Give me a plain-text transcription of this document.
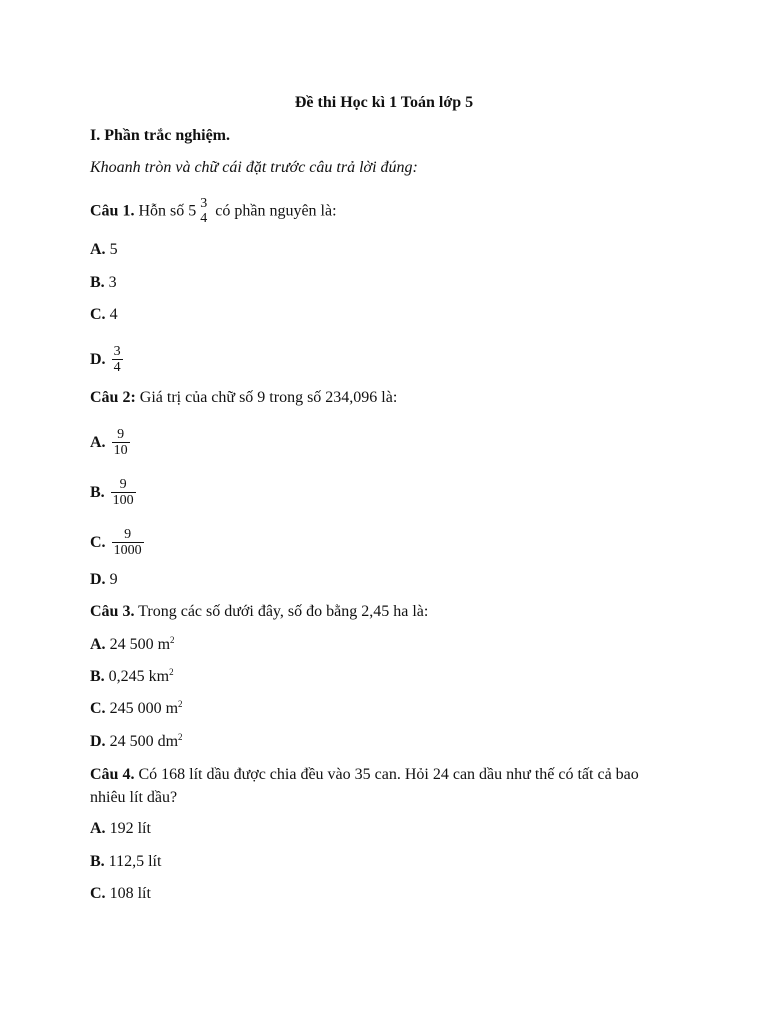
Đề thi Học kì 1 Toán lớp 5
I. Phần trắc nghiệm.
Khoanh tròn và chữ cái đặt trước câu trả lời đúng:
Câu 1. Hỗn số 5 3
4 có phần nguyên là:
A. 5
B. 3
C. 4
D. $\frac{3}{4}$
Câu 2: Giá trị của chữ số 9 trong số 234,096 là:
A. $\frac{9}{10}$
B. $\frac{9}{100}$
C. $\frac{9}{1000}$
D. 9
Câu 3. Trong các số dưới đây, số đo bằng 2,45 ha là:
A. 24 500 $m^2$
B. 0,245 $km^2$
C. 245 000 $m^2$
D. 24 500 $dm^2$
Câu 4. Có 168 lít dầu được chia đều vào 35 can. Hỏi 24 can dầu như thế có tất cả bao nhiêu lít dầu?
A. 192 lít
B. 112,5 lít
C. 108 lít
